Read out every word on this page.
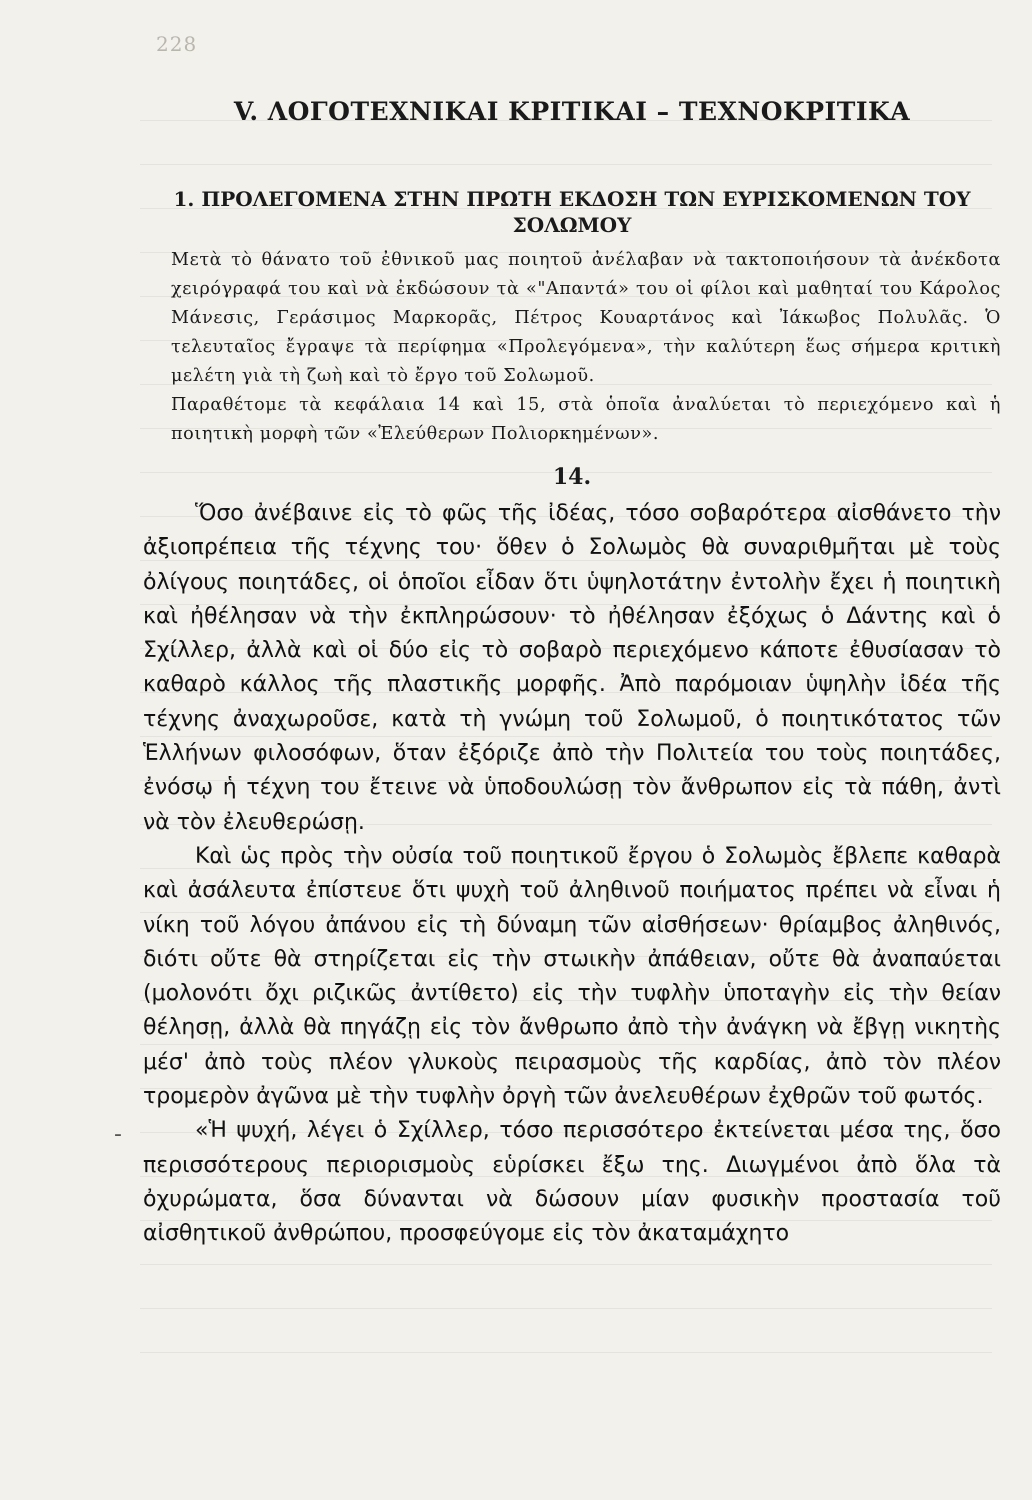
228
V. ΛΟΓΟΤΕΧΝΙΚΑΙ ΚΡΙΤΙΚΑΙ – ΤΕΧΝΟΚΡΙΤΙΚΑ
1. ΠΡΟΛΕΓΟΜΕΝΑ ΣΤΗΝ ΠΡΩΤΗ ΕΚΔΟΣΗ ΤΩΝ ΕΥΡΙΣΚΟΜΕΝΩΝ ΤΟΥ ΣΟΛΩΜΟΥ

Μετὰ τὸ θάνατο τοῦ ἐθνικοῦ μας ποιητοῦ ἀνέλαβαν νὰ τακτοποιήσουν τὰ ἀνέκδοτα χειρόγραφά του καὶ νὰ ἐκδώσουν τὰ «"Απαντά» του οἱ φίλοι καὶ μαθηταί του Κάρολος Μάνεσις, Γεράσιμος Μαρκορᾶς, Πέτρος Κουαρτάνος καὶ Ἰάκωβος Πολυλᾶς. Ὁ τελευταῖος ἔγραψε τὰ περίφημα «Προλεγόμενα», τὴν καλύτερη ἕως σήμερα κριτικὴ μελέτη γιὰ τὴ ζωὴ καὶ τὸ ἔργο τοῦ Σολωμοῦ.

Παραθέτομε τὰ κεφάλαια 14 καὶ 15, στὰ ὁποῖα ἀναλύεται τὸ περιεχόμενο καὶ ἡ ποιητικὴ μορφὴ τῶν «Ἐλεύθερων Πολιορκημένων».

14.

Ὅσο ἀνέβαινε εἰς τὸ φῶς τῆς ἰδέας, τόσο σοβαρότερα αἰσθάνετο τὴν ἀξιοπρέπεια τῆς τέχνης του· ὅθεν ὁ Σολωμὸς θὰ συναριθμῆται μὲ τοὺς ὀλίγους ποιητάδες, οἱ ὁποῖοι εἶδαν ὅτι ὑψηλοτάτην ἐντολὴν ἔχει ἡ ποιητικὴ καὶ ἠθέλησαν νὰ τὴν ἐκπληρώσουν· τὸ ἠθέλησαν ἐξόχως ὁ Δάντης καὶ ὁ Σχίλλερ, ἀλλὰ καὶ οἱ δύο εἰς τὸ σοβαρὸ περιεχόμενο κάποτε ἐθυσίασαν τὸ καθαρὸ κάλλος τῆς πλαστικῆς μορφῆς. Ἀπὸ παρόμοιαν ὑψηλὴν ἰδέα τῆς τέχνης ἀναχωροῦσε, κατὰ τὴ γνώμη τοῦ Σολωμοῦ, ὁ ποιητικότατος τῶν Ἑλλήνων φιλοσόφων, ὅταν ἐξόριζε ἀπὸ τὴν Πολιτεία του τοὺς ποιητάδες, ἐνόσῳ ἡ τέχνη του ἔτεινε νὰ ὑποδουλώσῃ τὸν ἄνθρωπον εἰς τὰ πάθη, ἀντὶ νὰ τὸν ἐλευθερώσῃ.

Καὶ ὡς πρὸς τὴν οὐσία τοῦ ποιητικοῦ ἔργου ὁ Σολωμὸς ἔβλεπε καθαρὰ καὶ ἀσάλευτα ἐπίστευε ὅτι ψυχὴ τοῦ ἀληθινοῦ ποιήματος πρέπει νὰ εἶναι ἡ νίκη τοῦ λόγου ἀπάνου εἰς τὴ δύναμη τῶν αἰσθήσεων· θρίαμβος ἀληθινός, διότι οὔτε θὰ στηρίζεται εἰς τὴν στωικὴν ἀπάθειαν, οὔτε θὰ ἀναπαύεται (μολονότι ὄχι ριζικῶς ἀντίθετο) εἰς τὴν τυφλὴν ὑποταγὴν εἰς τὴν θείαν θέλησῃ, ἀλλὰ θὰ πηγάζῃ εἰς τὸν ἄνθρωπο ἀπὸ τὴν ἀνάγκη νὰ ἔβγῃ νικητὴς μέσ' ἀπὸ τοὺς πλέον γλυκοὺς πειρασμοὺς τῆς καρδίας, ἀπὸ τὸν πλέον τρομερὸν ἀγῶνα μὲ τὴν τυφλὴν ὀργὴ τῶν ἀνελευθέρων ἐχθρῶν τοῦ φωτός.

«Ἡ ψυχή, λέγει ὁ Σχίλλερ, τόσο περισσότερο ἐκτείνεται μέσα της, ὅσο περισσότερους περιορισμοὺς εὑρίσκει ἔξω της. Διωγμένοι ἀπὸ ὅλα τὰ ὀχυρώματα, ὅσα δύνανται νὰ δώσουν μίαν φυσικὴν προστασία τοῦ αἰσθητικοῦ ἀνθρώπου, προσφεύγομε εἰς τὸν ἀκαταμάχητο

-
